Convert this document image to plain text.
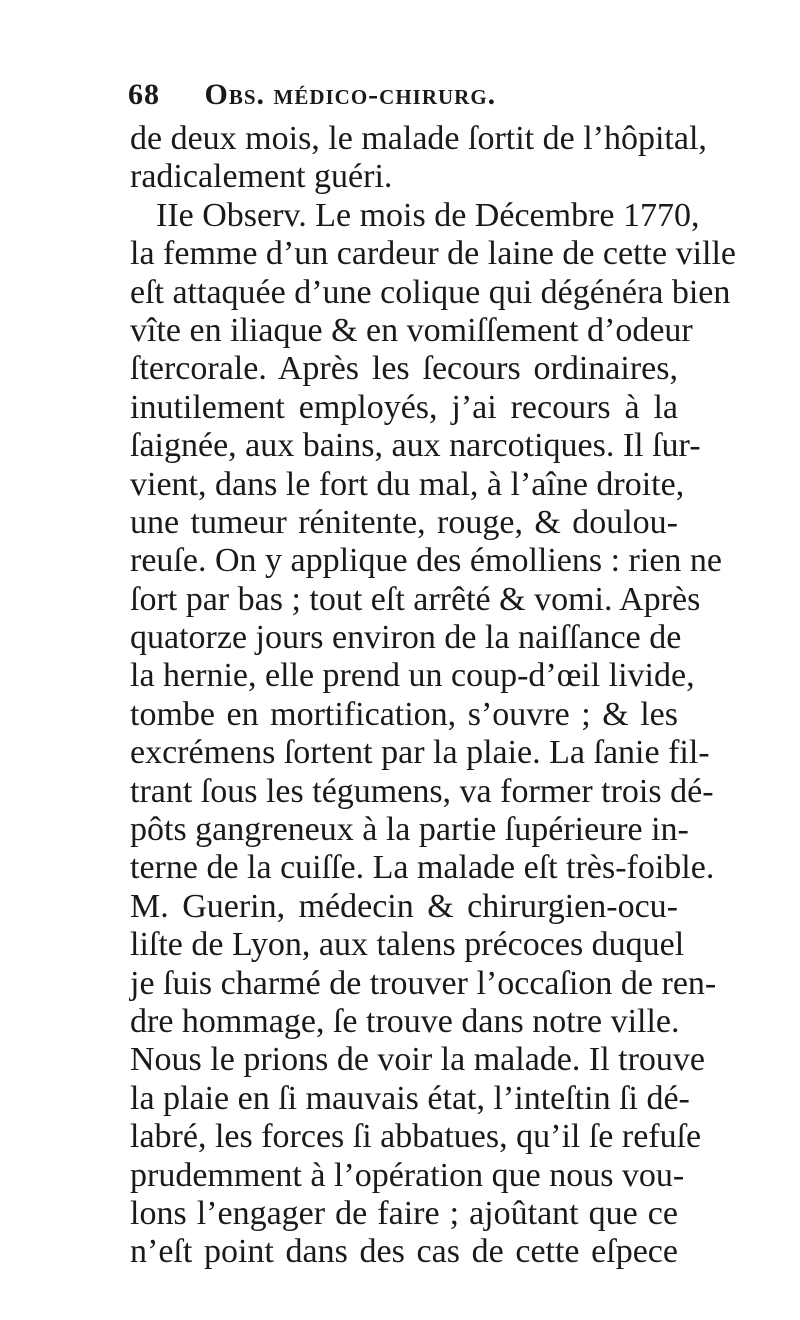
68 Obs. médico-chirurg.
de deux mois, le malade ſortit de l’hôpital,
radicalement guéri.
IIe Observ. Le mois de Décembre 1770,
la femme d’un cardeur de laine de cette ville
eſt attaquée d’une colique qui dégénéra bien
vîte en iliaque & en vomiſſement d’odeur
ſtercorale. Après les ſecours ordinaires,
inutilement employés, j’ai recours à la
ſaignée, aux bains, aux narcotiques. Il ſur-
vient, dans le fort du mal, à l’aîne droite,
une tumeur rénitente, rouge, & doulou-
reuſe. On y applique des émolliens : rien ne
ſort par bas ; tout eſt arrêté & vomi. Après
quatorze jours environ de la naiſſance de
la hernie, elle prend un coup-d’œil livide,
tombe en mortification, s’ouvre ; & les
excrémens ſortent par la plaie. La ſanie fil-
trant ſous les tégumens, va former trois dé-
pôts gangreneux à la partie ſupérieure in-
terne de la cuiſſe. La malade eſt très-foible.
M. Guerin, médecin & chirurgien-ocu-
liſte de Lyon, aux talens précoces duquel
je ſuis charmé de trouver l’occaſion de ren-
dre hommage, ſe trouve dans notre ville.
Nous le prions de voir la malade. Il trouve
la plaie en ſi mauvais état, l’inteſtin ſi dé-
labré, les forces ſi abbatues, qu’il ſe refuſe
prudemment à l’opération que nous vou-
lons l’engager de faire ; ajoûtant que ce
n’eſt point dans des cas de cette eſpece
